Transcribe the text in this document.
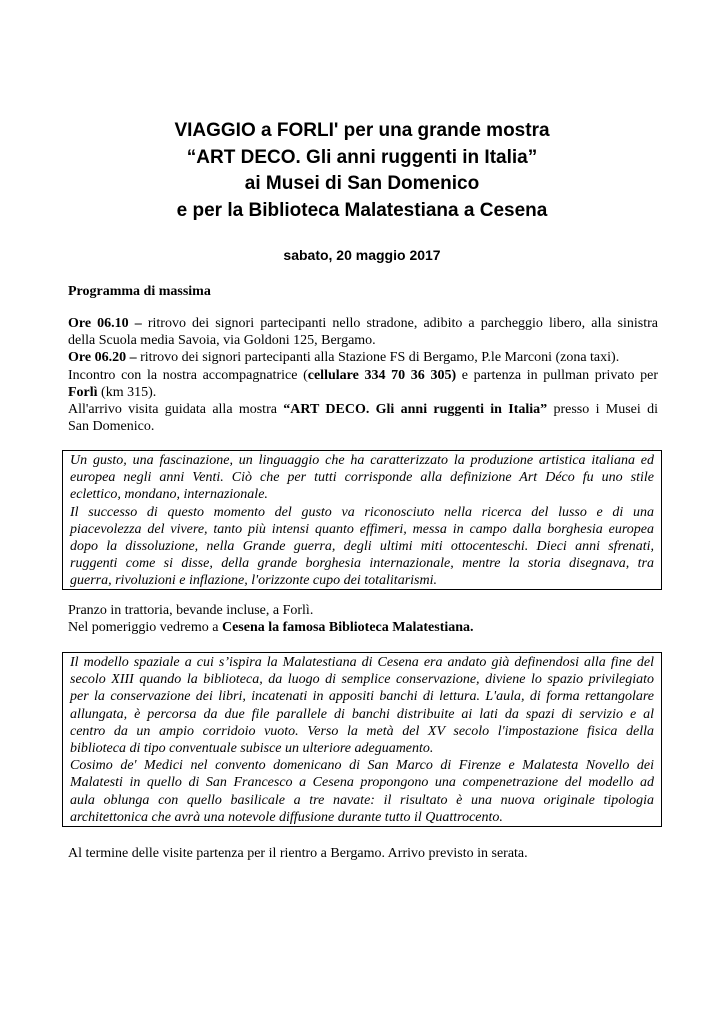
VIAGGIO a FORLI' per una grande mostra
“ART DECO. Gli anni ruggenti in Italia”
ai Musei di San Domenico
e per la Biblioteca Malatestiana a Cesena
sabato, 20 maggio 2017
Programma di massima
Ore 06.10 – ritrovo dei signori partecipanti nello stradone, adibito a parcheggio libero, alla sinistra
della Scuola media Savoia, via Goldoni 125, Bergamo.
Ore 06.20 – ritrovo dei signori partecipanti alla Stazione FS di Bergamo, P.le Marconi (zona taxi).
Incontro con la nostra accompagnatrice (cellulare 334 70 36 305) e partenza in pullman privato per
Forlì (km 315).
All'arrivo visita guidata alla mostra “ART DECO. Gli anni ruggenti in Italia” presso i Musei di
San Domenico.
Un gusto, una fascinazione, un linguaggio che ha caratterizzato la produzione artistica italiana ed
europea negli anni Venti. Ciò che per tutti corrisponde alla definizione Art Déco fu uno stile
eclettico, mondano, internazionale.
Il successo di questo momento del gusto va riconosciuto nella ricerca del lusso e di una
piacevolezza del vivere, tanto più intensi quanto effimeri, messa in campo dalla borghesia europea
dopo la dissoluzione, nella Grande guerra, degli ultimi miti ottocenteschi. Dieci anni sfrenati,
ruggenti come si disse, della grande borghesia internazionale, mentre la storia disegnava, tra
guerra, rivoluzioni e inflazione, l'orizzonte cupo dei totalitarismi.
Pranzo in trattoria, bevande incluse, a Forlì.
Nel pomeriggio vedremo a Cesena la famosa Biblioteca Malatestiana.
Il modello spaziale a cui s’ispira la Malatestiana di Cesena era andato già definendosi alla fine del
secolo XIII quando la biblioteca, da luogo di semplice conservazione, diviene lo spazio privilegiato
per la conservazione dei libri, incatenati in appositi banchi di lettura. L'aula, di forma rettangolare
allungata, è percorsa da due file parallele di banchi distribuite ai lati da spazi di servizio e al
centro da un ampio corridoio vuoto. Verso la metà del XV secolo l'impostazione fisica della
biblioteca di tipo conventuale subisce un ulteriore adeguamento.
Cosimo de' Medici nel convento domenicano di San Marco di Firenze e Malatesta Novello dei
Malatesti in quello di San Francesco a Cesena propongono una compenetrazione del modello ad
aula oblunga con quello basilicale a tre navate: il risultato è una nuova originale tipologia
architettonica che avrà una notevole diffusione durante tutto il Quattrocento.
Al termine delle visite partenza per il rientro a Bergamo. Arrivo previsto in serata.
